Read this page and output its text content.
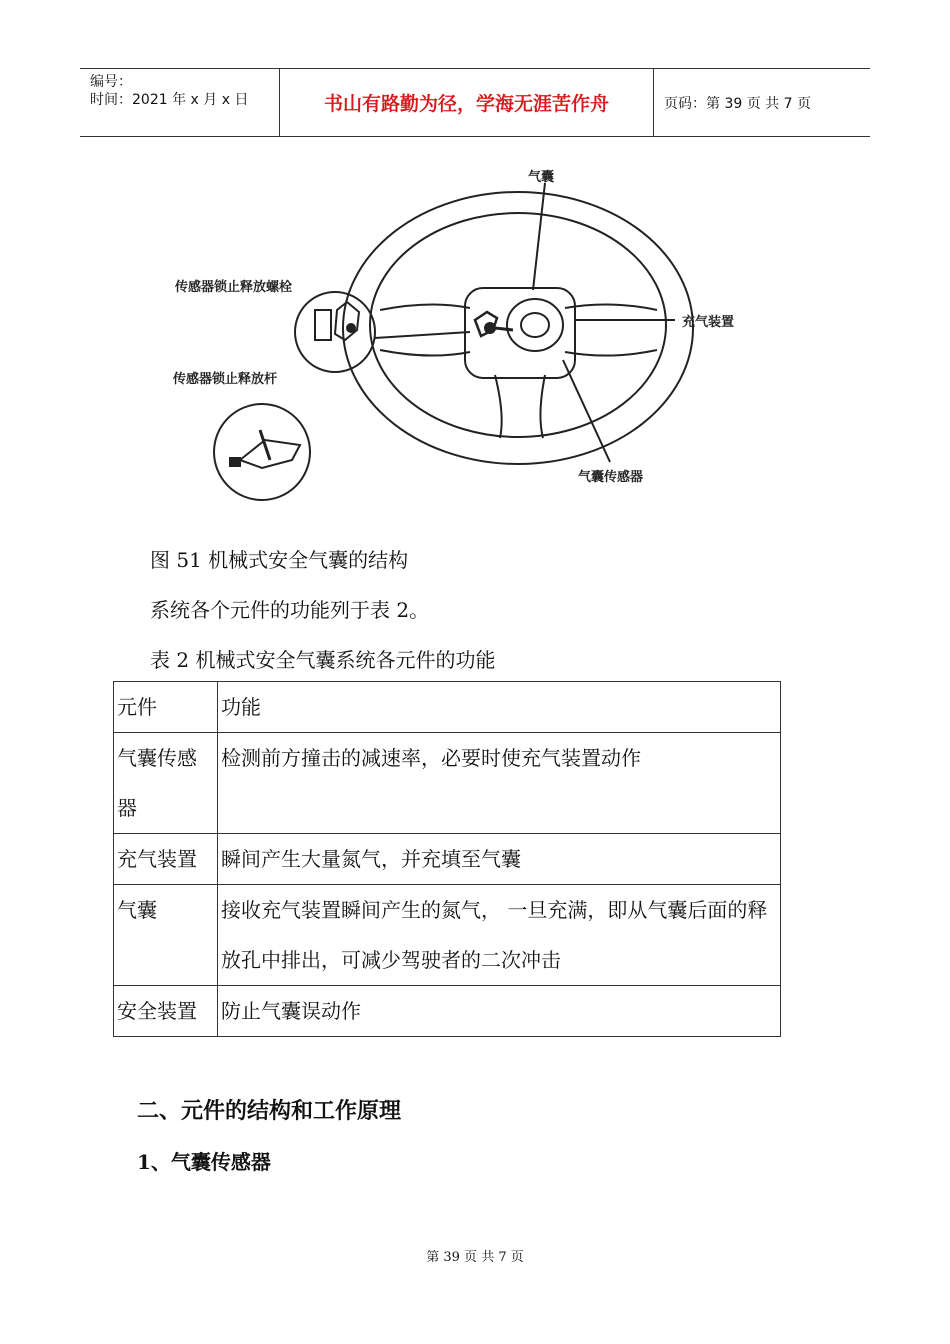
编号：
时间：2021 年 x 月 x 日	书山有路勤为径，学海无涯苦作舟	页码：第 39 页 共 7 页
气囊
充气装置
气囊传感器
传感器锁止释放螺栓
传感器锁止释放杆
图 51 机械式安全气囊的结构
系统各个元件的功能列于表 2。
表 2 机械式安全气囊系统各元件的功能
元件	功能
气囊传感器	检测前方撞击的减速率，必要时使充气装置动作
充气装置	瞬间产生大量氮气，并充填至气囊
气囊	接收充气装置瞬间产生的氮气， 一旦充满，即从气囊后面的释放孔中排出，可减少驾驶者的二次冲击
安全装置	防止气囊误动作
二、元件的结构和工作原理
1、气囊传感器
第 39 页 共 7 页
